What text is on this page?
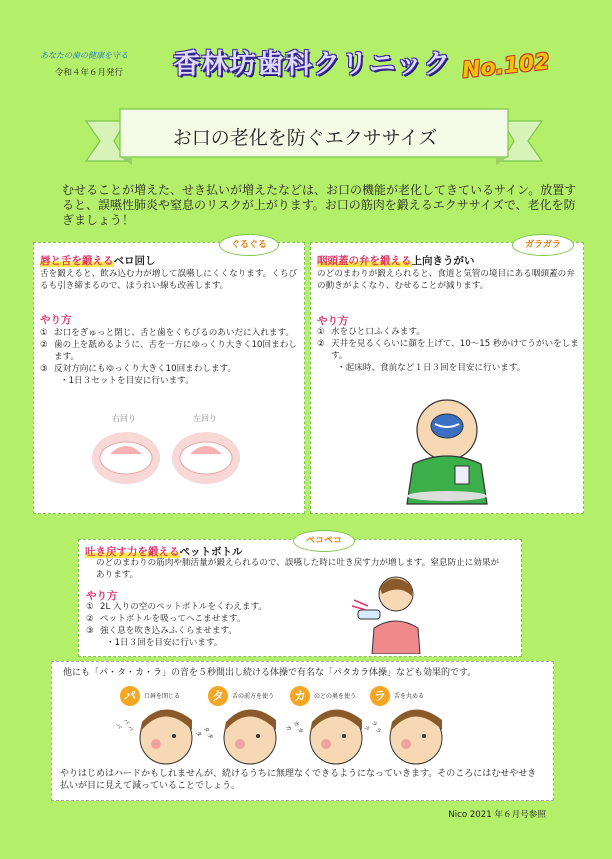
あなたの歯の健康を守る
令和４年６月発行 香林坊歯科クリニック No.102
お口の老化を防ぐエクササイズ
むせることが増えた、せき払いが増えたなどは、お口の機能が老化してきているサイン。放置すると、誤嚥性肺炎や窒息のリスクが上がります。お口の筋肉を鍛えるエクササイズで、老化を防ぎましょう！
ぐるぐる
唇と舌を鍛えるベロ回し
舌を鍛えると、飲み込む力が増して誤嚥しにくくなります。くちびるも引き締まるので、ほうれい線も改善します。
やり方
① お口をぎゅっと閉じ、舌と歯をくちびるのあいだに入れます。
② 歯の上を舐めるように、舌を一方にゆっくり大きく10回まわします。
③ 反対方向にもゆっくり大きく10回まわします。
・1日３セットを目安に行います。
右回り	左回り
ガラガラ
咽頭蓋の弁を鍛える上向きうがい
のどのまわりが鍛えられると、食道と気管の境目にある咽頭蓋の弁の動きがよくなり、むせることが減ります。
やり方
① 水をひと口ふくみます。
② 天井を見るくらいに顔を上げて、10〜15 秒かけてうがいをします。
・起床時、食前など１日３回を目安に行います。
ペコペコ
吐き戻す力を鍛えるペットボトル
のどのまわりの筋肉や肺活量が鍛えられるので、誤嚥した時に吐き戻す力が増します。窒息防止に効果があります。
やり方
① 2L 入りの空のペットボトルをくわえます。
② ペットボトルを吸ってへこませます。
③ 強く息を吹き込みふくらませます。
・1日３回を目安に行います。
他にも「パ・タ・カ・ラ」の音を５秒間出し続ける体操で有名な「パタカラ体操」なども効果的です。
パ	口唇を閉じる
パ パ パ
タ	舌の前方を使う
タ タ タ
カ	のどの奥を使う
カ カ カ
ラ	舌を丸める
ラ ラ ラ
やりはじめはハードかもしれませんが、続けるうちに無理なくできるようになっていきます。そのころにはむせやせき払いが目に見えて減っていることでしょう。
Nico 2021 年６月号参照
